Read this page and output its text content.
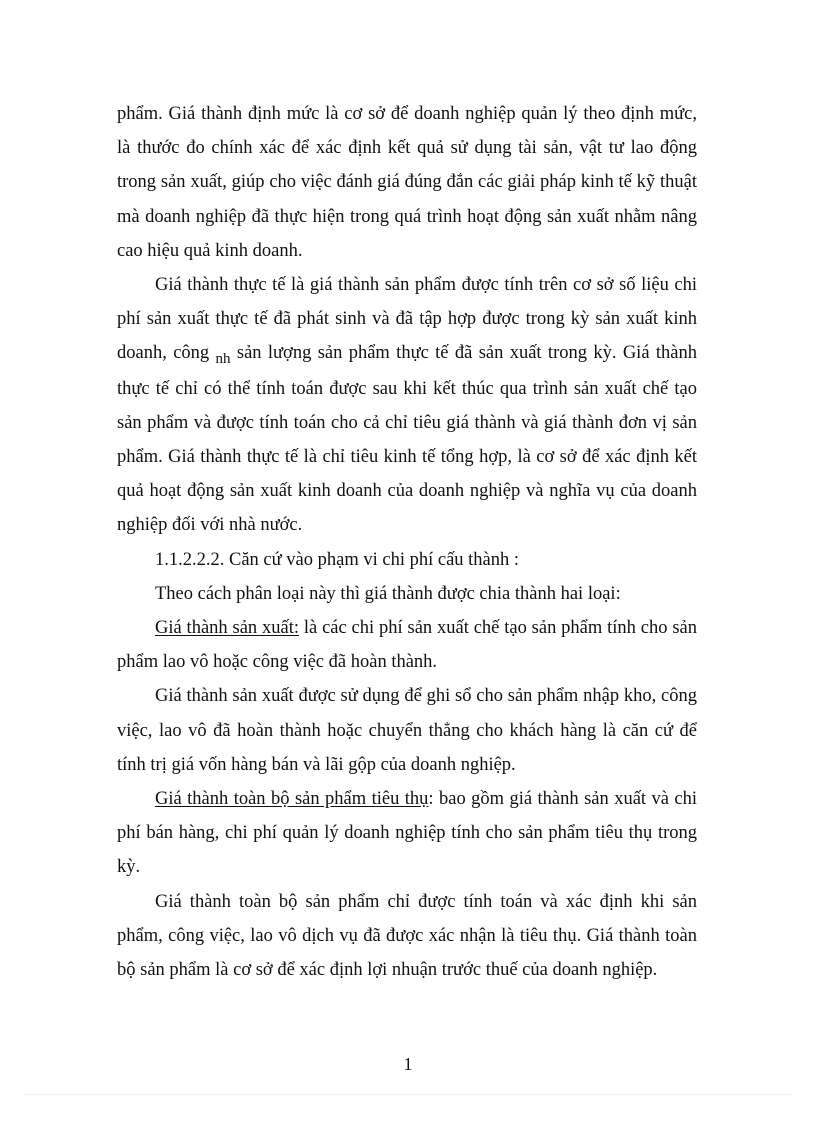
phẩm. Giá thành định mức là cơ sở để doanh nghiệp quản lý theo định mức, là thước đo chính xác để xác định kết quả sử dụng tài sản, vật tư lao động trong sản xuất, giúp cho việc đánh giá đúng đắn các giải pháp kinh tế kỹ thuật mà doanh nghiệp đã thực hiện trong quá trình hoạt động sản xuất nhằm nâng cao hiệu quả kinh doanh.

Giá thành thực tế là giá thành sản phẩm được tính trên cơ sở số liệu chi phí sản xuất thực tế đã phát sinh và đã tập hợp được trong kỳ sản xuất kinh doanh, công $_{nh}$ sản lượng sản phẩm thực tế đã sản xuất trong kỳ. Giá thành thực tế chỉ có thể tính toán được sau khi kết thúc qua trình sản xuất chế tạo sản phẩm và được tính toán cho cả chỉ tiêu giá thành và giá thành đơn vị sản phẩm. Giá thành thực tế là chỉ tiêu kinh tế tổng hợp, là cơ sở để xác định kết quả hoạt động sản xuất kinh doanh của doanh nghiệp và nghĩa vụ của doanh nghiệp đối với nhà nước.

1.1.2.2.2. Căn cứ vào phạm vi chi phí cấu thành :

Theo cách phân loại này thì giá thành được chia thành hai loại:

Giá thành sản xuất: là các chi phí sản xuất chế tạo sản phẩm tính cho sản phẩm lao vô hoặc công việc đã hoàn thành.

Giá thành sản xuất được sử dụng để ghi sổ cho sản phẩm nhập kho, công việc, lao vô đã hoàn thành hoặc chuyển thẳng cho khách hàng là căn cứ để tính trị giá vốn hàng bán và lãi gộp của doanh nghiệp.

Giá thành toàn bộ sản phẩm tiêu thụ: bao gồm giá thành sản xuất và chi phí bán hàng, chi phí quản lý doanh nghiệp tính cho sản phẩm tiêu thụ trong kỳ.

Giá thành toàn bộ sản phẩm chỉ được tính toán và xác định khi sản phẩm, công việc, lao vô dịch vụ đã được xác nhận là tiêu thụ. Giá thành toàn bộ sản phẩm là cơ sở để xác định lợi nhuận trước thuế của doanh nghiệp.

1
